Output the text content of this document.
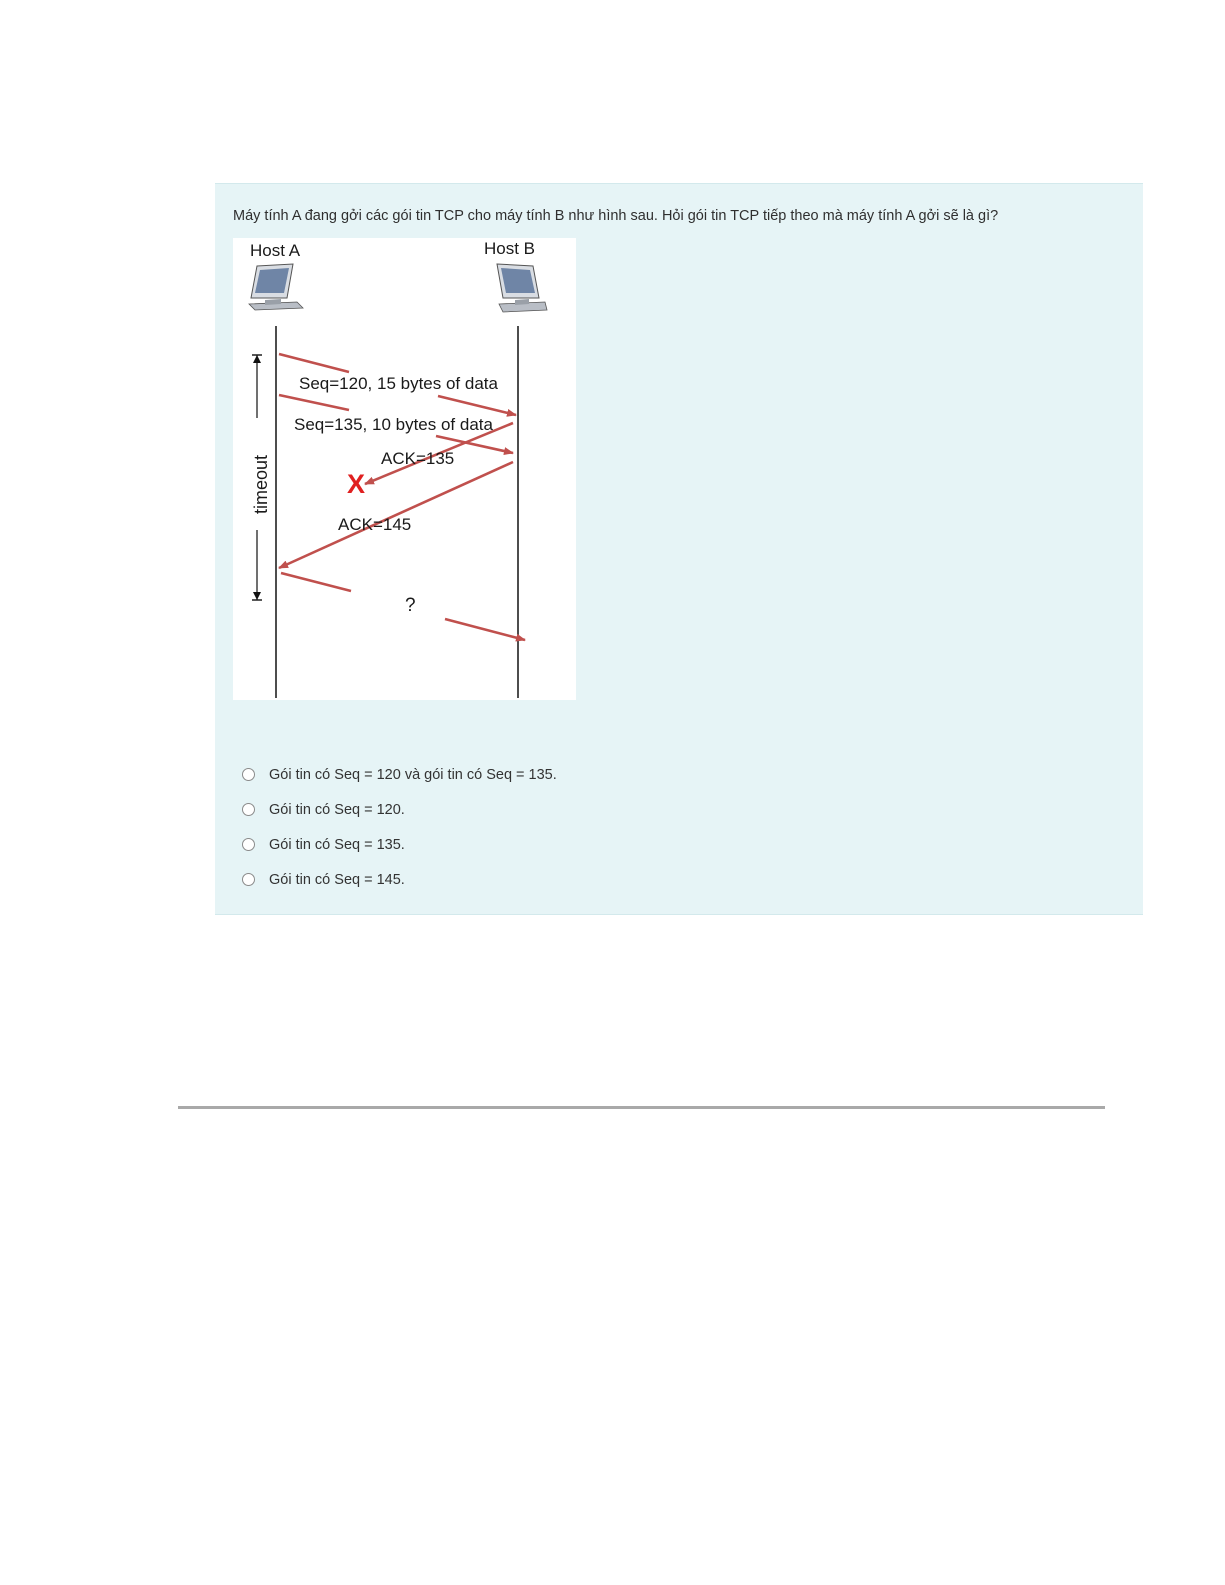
Máy tính A đang gởi các gói tin TCP cho máy tính B như hình sau. Hỏi gói tin TCP tiếp theo mà máy tính A gởi sẽ là gì?
Host A	Host B
timeout
Seq=120, 15 bytes of data
Seq=135, 10 bytes of data
ACK=135
ACK=145
X
?
Gói tin có Seq = 120 và gói tin có Seq = 135.
Gói tin có Seq = 120.
Gói tin có Seq = 135.
Gói tin có Seq = 145.
